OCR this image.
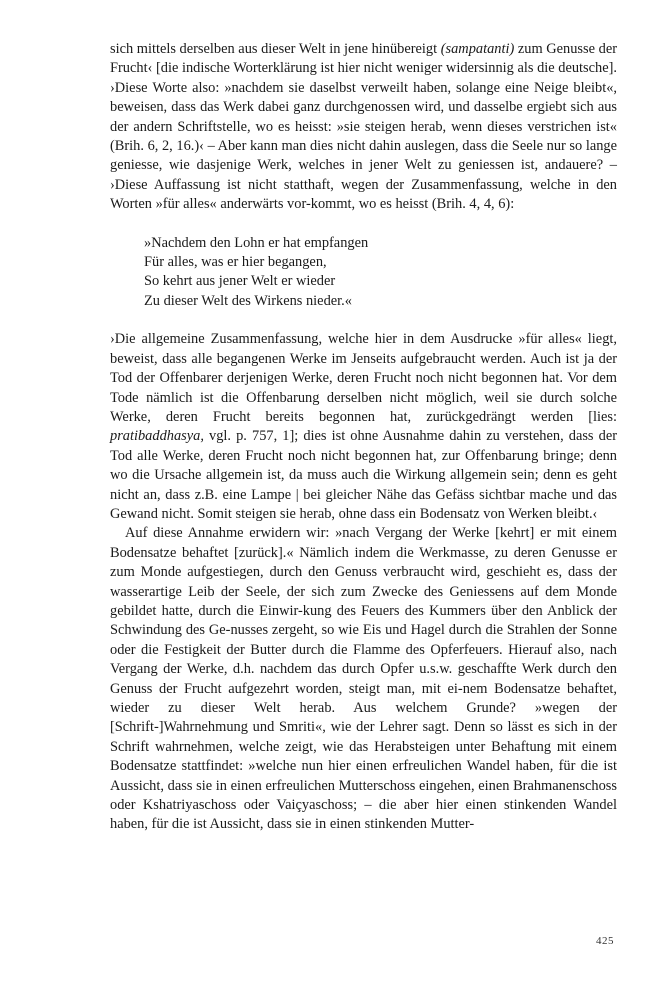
sich mittels derselben aus dieser Welt in jene hinübereigt (sampatanti) zum Genusse der Frucht‹ [die indische Worterklärung ist hier nicht weniger widersinnig als die deutsche]. ›Diese Worte also: »nachdem sie daselbst verweilt haben, solange eine Neige bleibt«, beweisen, dass das Werk dabei ganz durchgenossen wird, und dasselbe ergiebt sich aus der andern Schriftstelle, wo es heisst: »sie steigen herab, wenn dieses verstrichen ist« (Brih. 6, 2, 16.)‹ – Aber kann man dies nicht dahin auslegen, dass die Seele nur so lange geniesse, wie dasjenige Werk, welches in jener Welt zu geniessen ist, andauere? – ›Diese Auffassung ist nicht statthaft, wegen der Zusammenfassung, welche in den Worten »für alles« anderwärts vor-kommt, wo es heisst (Brih. 4, 4, 6):

»Nachdem den Lohn er hat empfangen
Für alles, was er hier begangen,
So kehrt aus jener Welt er wieder
Zu dieser Welt des Wirkens nieder.«

›Die allgemeine Zusammenfassung, welche hier in dem Ausdrucke »für alles« liegt, beweist, dass alle begangenen Werke im Jenseits aufgebraucht werden. Auch ist ja der Tod der Offenbarer derjenigen Werke, deren Frucht noch nicht begonnen hat. Vor dem Tode nämlich ist die Offenbarung derselben nicht möglich, weil sie durch solche Werke, deren Frucht bereits begonnen hat, zurückgedrängt werden [lies: pratibaddhasya, vgl. p. 757, 1]; dies ist ohne Ausnahme dahin zu verstehen, dass der Tod alle Werke, deren Frucht noch nicht begonnen hat, zur Offenbarung bringe; denn wo die Ursache allgemein ist, da muss auch die Wirkung allgemein sein; denn es geht nicht an, dass z.B. eine Lampe | bei gleicher Nähe das Gefäss sichtbar mache und das Gewand nicht. Somit steigen sie herab, ohne dass ein Bodensatz von Werken bleibt.‹

Auf diese Annahme erwidern wir: »nach Vergang der Werke [kehrt] er mit einem Bodensatze behaftet [zurück].« Nämlich indem die Werkmasse, zu deren Genusse er zum Monde aufgestiegen, durch den Genuss verbraucht wird, geschieht es, dass der wasserartige Leib der Seele, der sich zum Zwecke des Geniessens auf dem Monde gebildet hatte, durch die Einwir-kung des Feuers des Kummers über den Anblick der Schwindung des Ge-nusses zergeht, so wie Eis und Hagel durch die Strahlen der Sonne oder die Festigkeit der Butter durch die Flamme des Opferfeuers. Hierauf also, nach Vergang der Werke, d.h. nachdem das durch Opfer u.s.w. geschaffte Werk durch den Genuss der Frucht aufgezehrt worden, steigt man, mit ei-nem Bodensatze behaftet, wieder zu dieser Welt herab. Aus welchem Grunde? »wegen der [Schrift-]Wahrnehmung und Smriti«, wie der Lehrer sagt. Denn so lässt es sich in der Schrift wahrnehmen, welche zeigt, wie das Herabsteigen unter Behaftung mit einem Bodensatze stattfindet: »welche nun hier einen erfreulichen Wandel haben, für die ist Aussicht, dass sie in einen erfreulichen Mutterschoss eingehen, einen Brahmanenschoss oder Kshatriyaschoss oder Vaiçyaschoss; – die aber hier einen stinkenden Wandel haben, für die ist Aussicht, dass sie in einen stinkenden Mutter-

425
